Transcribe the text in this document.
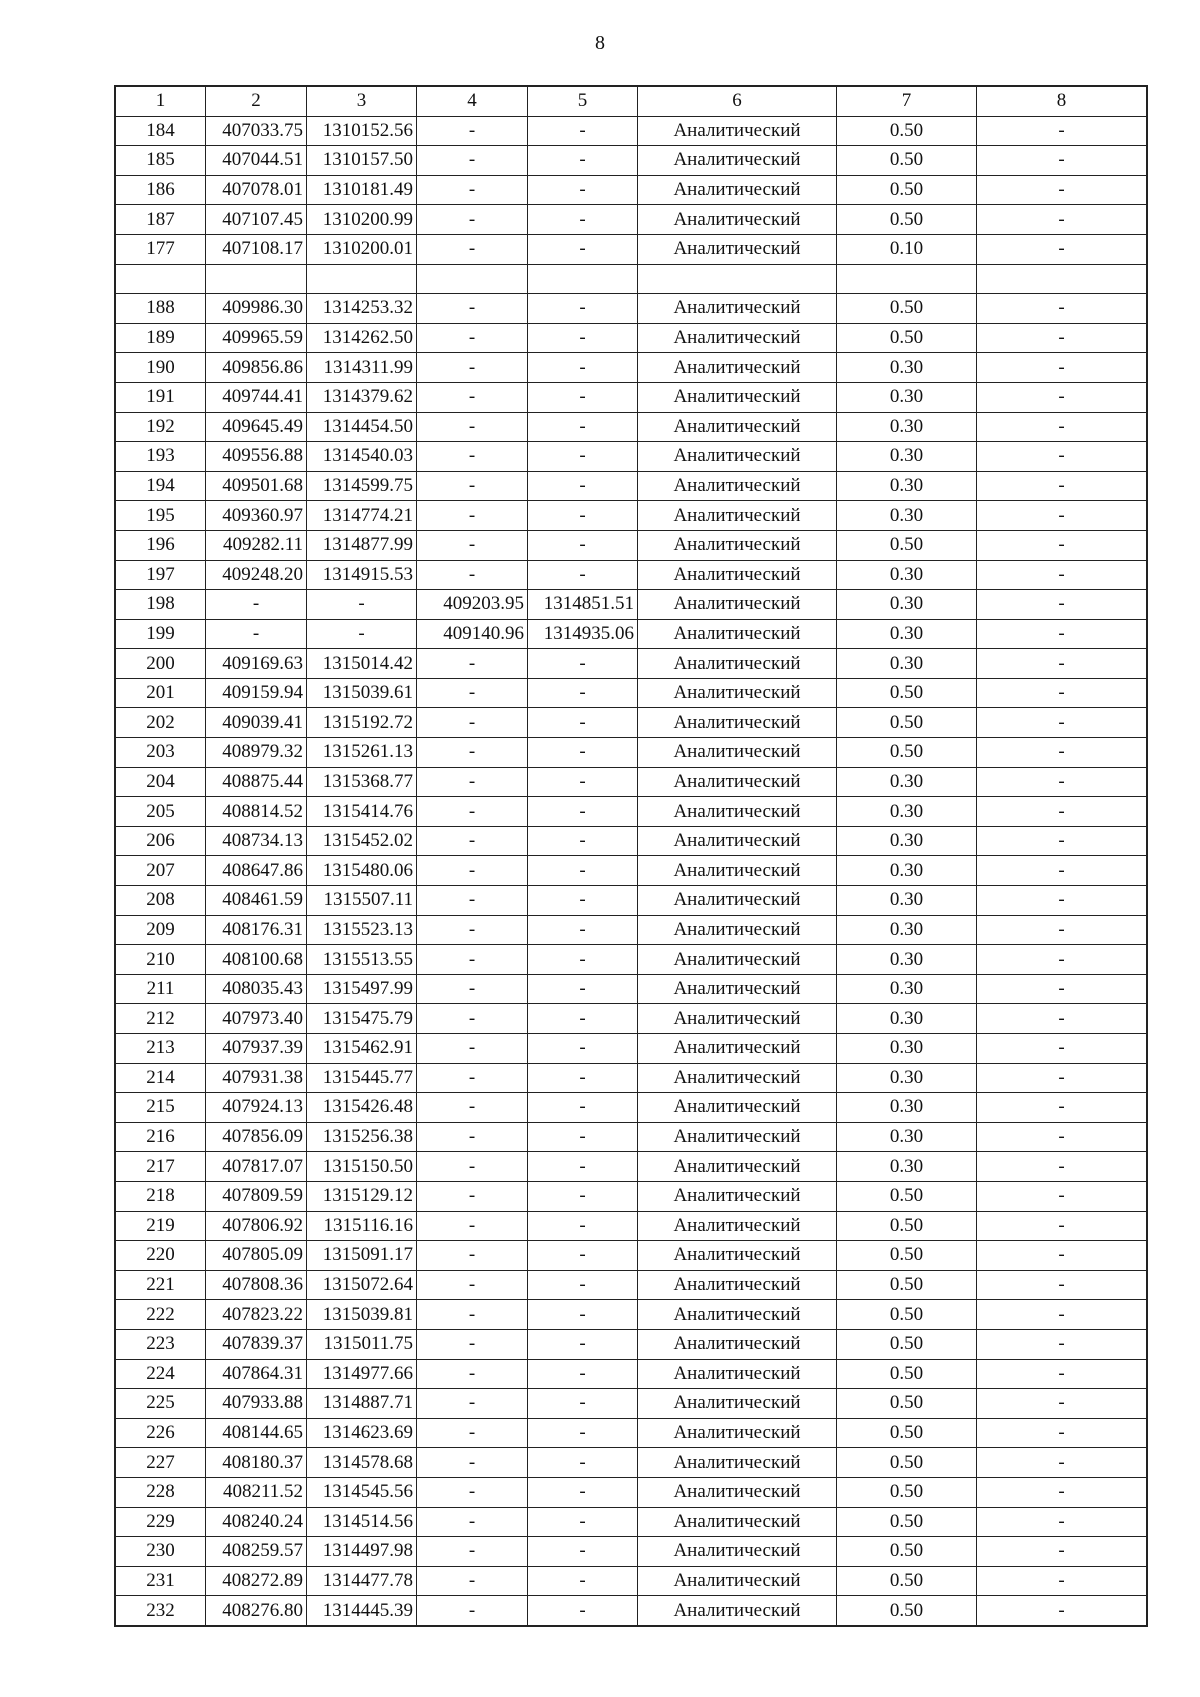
8
1	2	3	4	5	6	7	8
184	407033.75	1310152.56	-	-	Аналитический	0.50	-
185	407044.51	1310157.50	-	-	Аналитический	0.50	-
186	407078.01	1310181.49	-	-	Аналитический	0.50	-
187	407107.45	1310200.99	-	-	Аналитический	0.50	-
177	407108.17	1310200.01	-	-	Аналитический	0.10	-

188	409986.30	1314253.32	-	-	Аналитический	0.50	-
189	409965.59	1314262.50	-	-	Аналитический	0.50	-
190	409856.86	1314311.99	-	-	Аналитический	0.30	-
191	409744.41	1314379.62	-	-	Аналитический	0.30	-
192	409645.49	1314454.50	-	-	Аналитический	0.30	-
193	409556.88	1314540.03	-	-	Аналитический	0.30	-
194	409501.68	1314599.75	-	-	Аналитический	0.30	-
195	409360.97	1314774.21	-	-	Аналитический	0.30	-
196	409282.11	1314877.99	-	-	Аналитический	0.50	-
197	409248.20	1314915.53	-	-	Аналитический	0.30	-
198	-	-	409203.95	1314851.51	Аналитический	0.30	-
199	-	-	409140.96	1314935.06	Аналитический	0.30	-
200	409169.63	1315014.42	-	-	Аналитический	0.30	-
201	409159.94	1315039.61	-	-	Аналитический	0.50	-
202	409039.41	1315192.72	-	-	Аналитический	0.50	-
203	408979.32	1315261.13	-	-	Аналитический	0.50	-
204	408875.44	1315368.77	-	-	Аналитический	0.30	-
205	408814.52	1315414.76	-	-	Аналитический	0.30	-
206	408734.13	1315452.02	-	-	Аналитический	0.30	-
207	408647.86	1315480.06	-	-	Аналитический	0.30	-
208	408461.59	1315507.11	-	-	Аналитический	0.30	-
209	408176.31	1315523.13	-	-	Аналитический	0.30	-
210	408100.68	1315513.55	-	-	Аналитический	0.30	-
211	408035.43	1315497.99	-	-	Аналитический	0.30	-
212	407973.40	1315475.79	-	-	Аналитический	0.30	-
213	407937.39	1315462.91	-	-	Аналитический	0.30	-
214	407931.38	1315445.77	-	-	Аналитический	0.30	-
215	407924.13	1315426.48	-	-	Аналитический	0.30	-
216	407856.09	1315256.38	-	-	Аналитический	0.30	-
217	407817.07	1315150.50	-	-	Аналитический	0.30	-
218	407809.59	1315129.12	-	-	Аналитический	0.50	-
219	407806.92	1315116.16	-	-	Аналитический	0.50	-
220	407805.09	1315091.17	-	-	Аналитический	0.50	-
221	407808.36	1315072.64	-	-	Аналитический	0.50	-
222	407823.22	1315039.81	-	-	Аналитический	0.50	-
223	407839.37	1315011.75	-	-	Аналитический	0.50	-
224	407864.31	1314977.66	-	-	Аналитический	0.50	-
225	407933.88	1314887.71	-	-	Аналитический	0.50	-
226	408144.65	1314623.69	-	-	Аналитический	0.50	-
227	408180.37	1314578.68	-	-	Аналитический	0.50	-
228	408211.52	1314545.56	-	-	Аналитический	0.50	-
229	408240.24	1314514.56	-	-	Аналитический	0.50	-
230	408259.57	1314497.98	-	-	Аналитический	0.50	-
231	408272.89	1314477.78	-	-	Аналитический	0.50	-
232	408276.80	1314445.39	-	-	Аналитический	0.50	-
